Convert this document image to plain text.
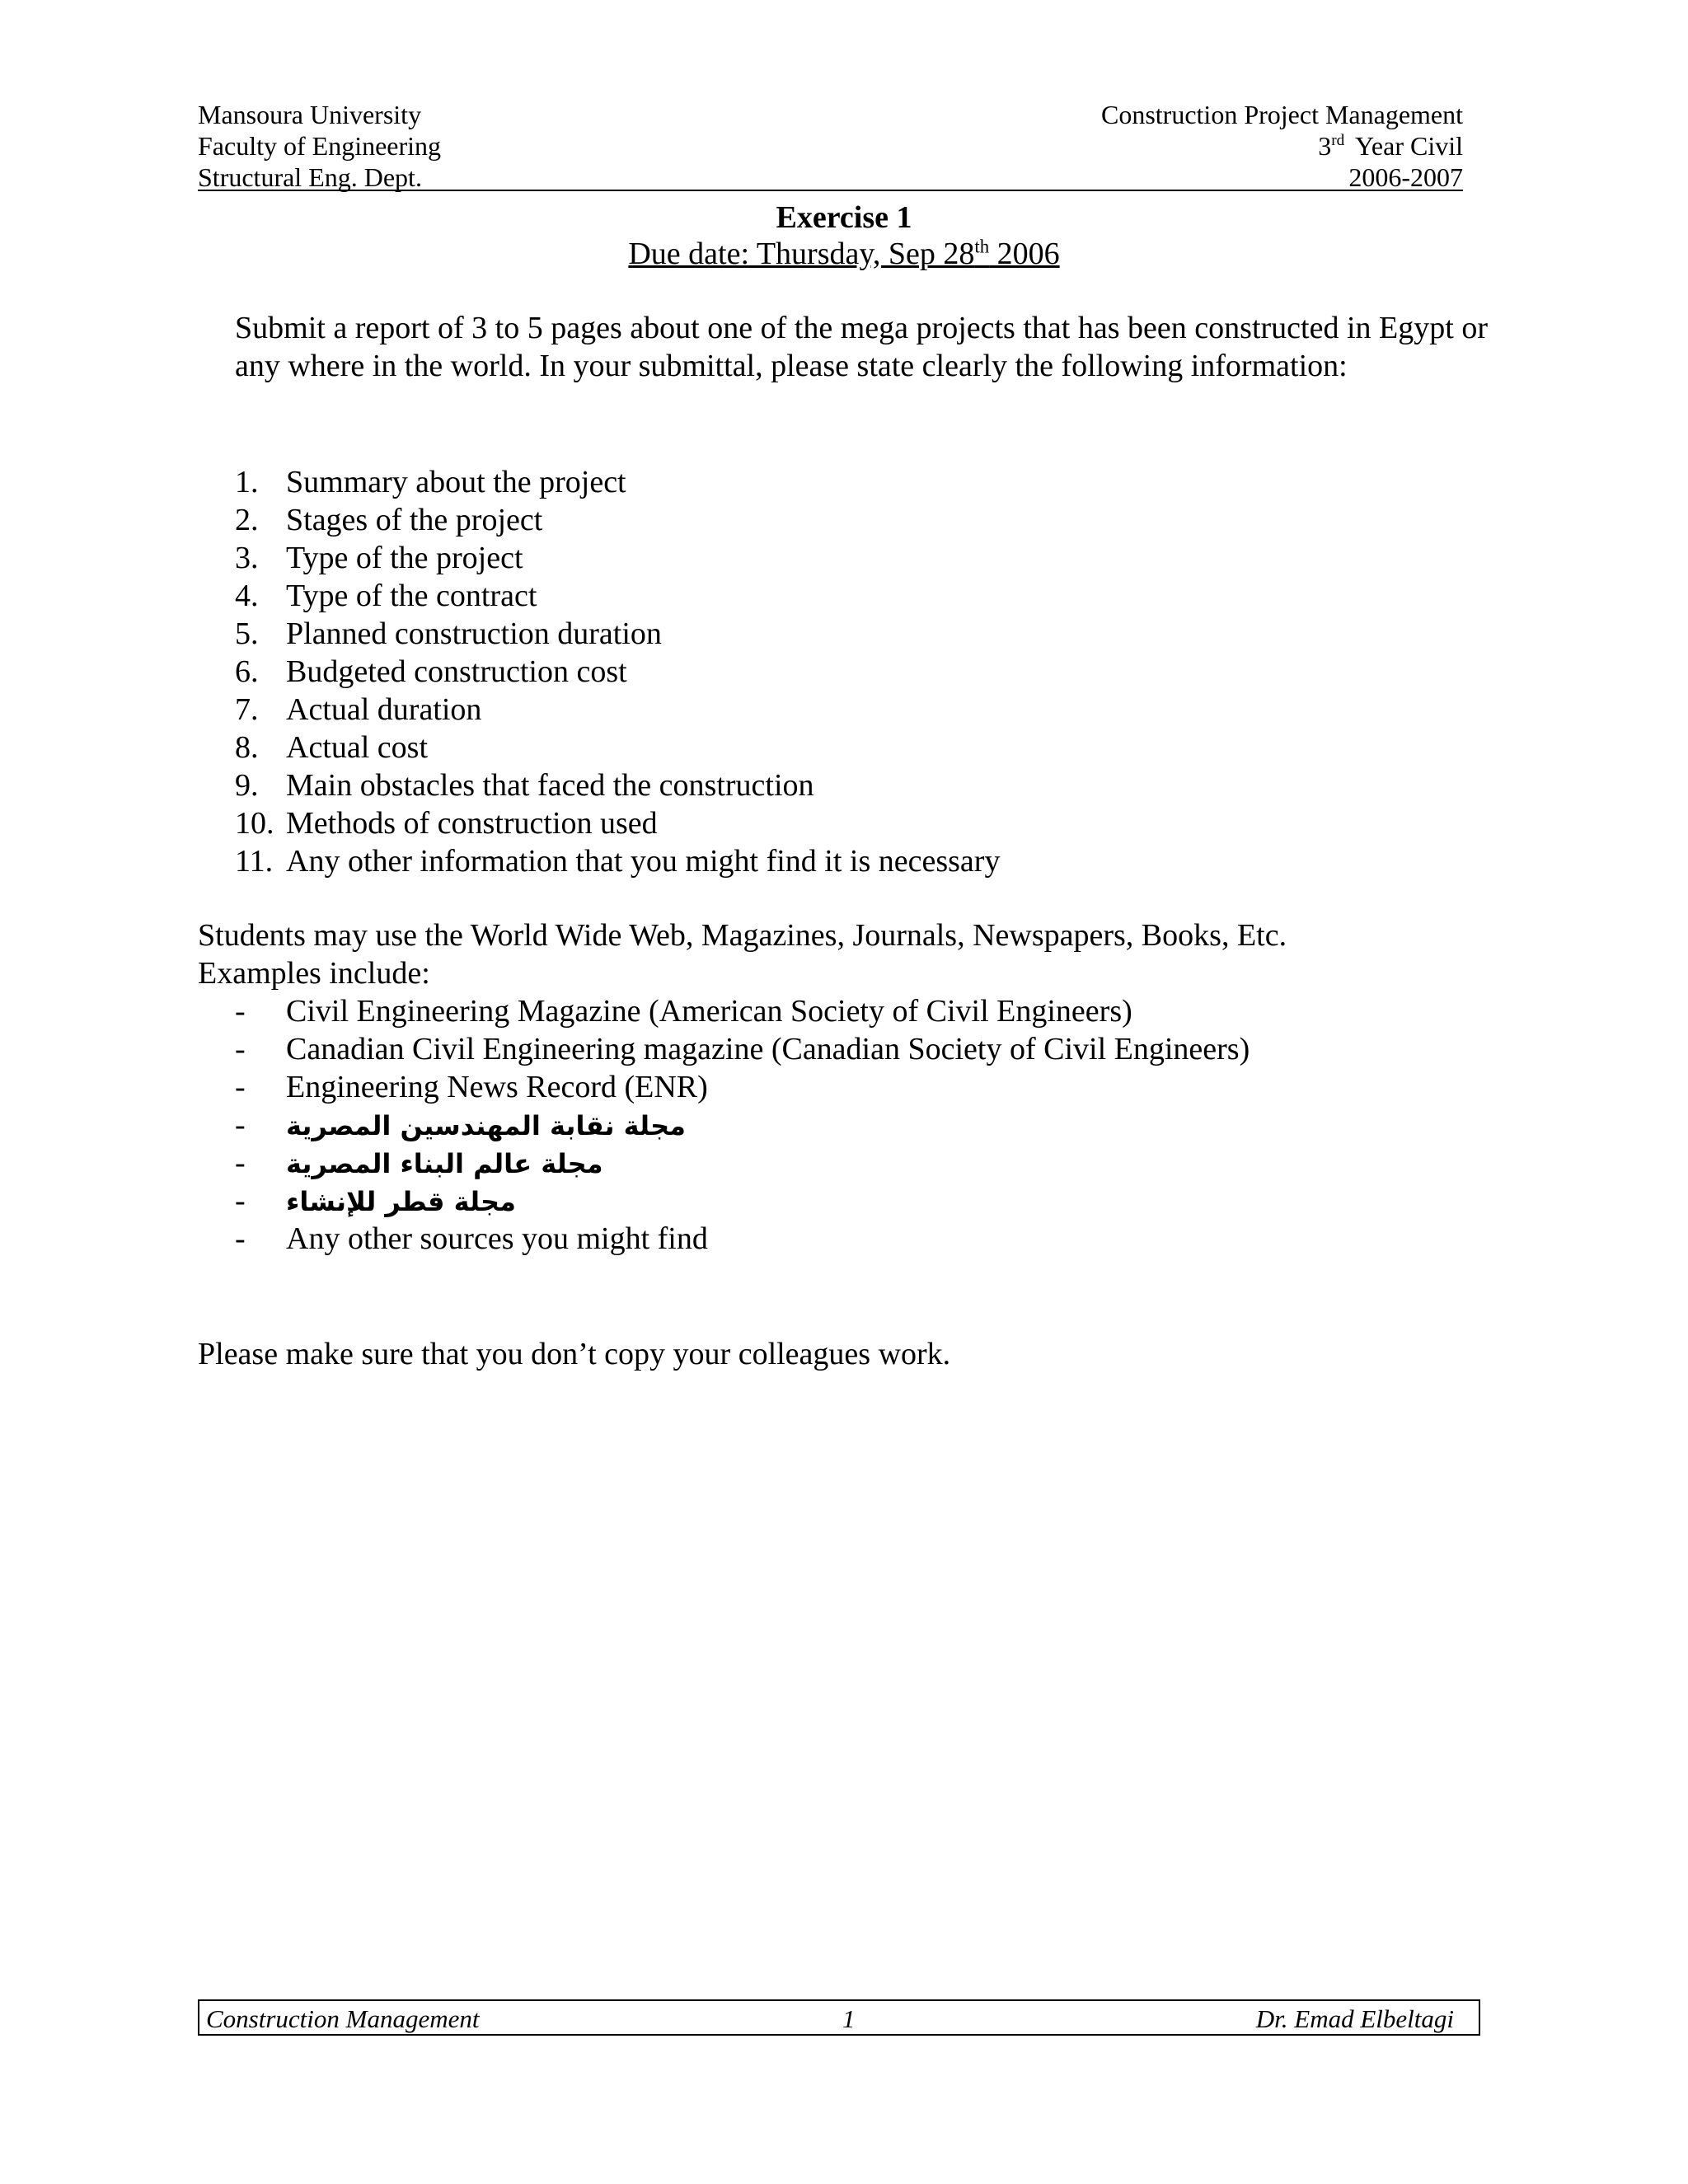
Mansoura University
Faculty of Engineering
Structural Eng. Dept.
Construction Project Management
3rd Year Civil
2006-2007
Exercise 1
Due date: Thursday, Sep 28th 2006
Submit a report of 3 to 5 pages about one of the mega projects that has been constructed in Egypt or any where in the world. In your submittal, please state clearly the following information:
1. Summary about the project
2. Stages of the project
3. Type of the project
4. Type of the contract
5. Planned construction duration
6. Budgeted construction cost
7. Actual duration
8. Actual cost
9. Main obstacles that faced the construction
10. Methods of construction used
11. Any other information that you might find it is necessary
Students may use the World Wide Web, Magazines, Journals, Newspapers, Books, Etc.
Examples include:
- Civil Engineering Magazine (American Society of Civil Engineers)
- Canadian Civil Engineering magazine (Canadian Society of Civil Engineers)
- Engineering News Record (ENR)
- مجلة نقابة المهندسين المصرية
- مجلة عالم البناء المصرية
- مجلة قطر للإنشاء
- Any other sources you might find
Please make sure that you don’t copy your colleagues work.
Construction Management	1	Dr. Emad Elbeltagi
